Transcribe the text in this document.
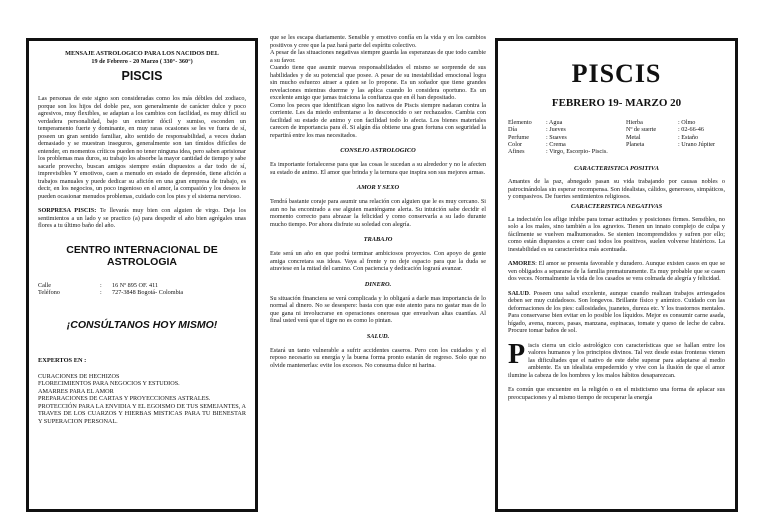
MENSAJE ASTROLOGICO PARA LOS NACIDOS DEL
19 de Febrero - 20 Marzo ( 330°- 360°)

PISCIS

Las personas de este signo son consideradas como los más débiles del zodiaco, porque son los hijos del doble pez, son generalmente de carácter dulce y poco agresivos, muy flexibles, se adaptan a los cambios con facilidad, es muy difícil su verdadera personalidad, bajo un exterior dócil y sumiso, esconden un temperamento fuerte y dominante, en muy raras ocasiones se les ve fuera de sí, poseen un gran sentido familiar, alto sentido de responsabilidad, a veces dudan demasiado y se muestran inseguros, generalmente son tan tímidos difíciles de entender, en momentos críticos pueden no tener ninguna idea, pero saben aprisionar los problemas mas duros, su trabajo los absorbe la mayor cantidad de tiempo y sabe sacarle provecho, buscan amigos siempre están dispuestos a dar todo de sí, imprevisibles Y emotivos, caen a menudo en estado de depresión, tiene afición a trabajos manuales y puede dedicar su afición en una gran empresa de trabajo, es decir, en los negocios, un poco ingenioso en el amor, la compasión y los deseos le pueden ocasionar menudos problemas, cuidado con los pies y el sistema nervioso.

SORPRESA PISCIS: Te llevarás muy bien con alguien de virgo. Deja los sentimientos a un lado y se practico (a) para despedir el año bien agrégales unas flores a tu último baño del año.

CENTRO INTERNACIONAL DE ASTROLOGIA
Calle	:	16 Nº 895 OF. 411
Teléfono	:	727-3848 Bogotá- Colombia
¡CONSÚLTANOS HOY MISMO!

EXPERTOS EN :

CURACIONES DE HECHIZOS

FLORECIMIENTOS PARA NEGOCIOS Y ESTUDIOS.

AMARRES PARA EL AMOR

PREPARACIONES DE CARTAS Y PROYECCIONES ASTRALES.

PROTECCIÓN PARA LA ENVIDIA Y EL EGOISMO DE TUS SEMEJANTES, A TRAVES DE LOS CUARZOS Y HIERBAS MISTICAS PARA TU BIENESTAR Y SUPERACION PERSONAL.

que se les escapa diariamente. Sensible y emotivo confía en la vida y en los cambios positivos y cree que la paz hará parte del espíritu colectivo.
A pesar de las situaciones negativas siempre guarda las esperanzas de que todo cambie a su favor.
Cuando tiene que asumir nuevas responsabilidades el mismo se sorprende de sus habilidades y de su potencial que posee. A pesar de su inestabilidad emocional logra sin mucho esfuerzo atraer a quien se lo propone. Es un soñador que tiene grandes revelaciones mientras duerme y las aplica cuando lo considera oportuno. Es un excelente amigo que jamas traiciona la confianza que en él han depositado.
Como los peces que identifican signo los nativos de Piscis siempre nadaran contra la corriente. Les da miedo enfrentarse a lo desconocido o ser rechazados. Cambia con facilidad su estado de animo y con facilidad todo lo afecta. Los bienes materiales carecen de importancia para él. Si algún día obtiene una gran fortuna con seguridad la repartirá entre los mas necesitados.

CONSEJO ASTROLOGICO

Es importante fortalecerse para que las cosas le sucedan a su alrededor y no le afecten su estado de animo. El amor que brinda y la ternura que inspira son sus mejores armas.

AMOR Y SEXO

Tendrá bastante coraje para asumir una relación con alguien que le es muy cercano. Si aun no ha encontrado a ese alguien manténgame alerta. Su intuición sabe decidir el momento correcto para abrazar la felicidad y como conservarla a su lado durante mucho tiempo. Por ahora disfrute su soledad con alegría.

TRABAJO

Este será un año en que podrá terminar ambiciosos proyectos. Con apoyo de gente amiga concretara sus ideas. Vaya al frente y no deje espacio para que la duda se atraviese en la mitad del camino. Con paciencia y dedicación logrará avanzar.

DINERO.

Su situación financiera se verá complicada y lo obligará a darle mas importancia de lo normal al dinero. No se desespere: basta con que este atento para no gastar mas de lo que gana ni involucrarse en operaciones onerosas que envuelvan altas cuantías. Al final usted verá que el tigre no es como lo pintan.

SALUD.

Estará un tanto vulnerable a sufrir accidentes caseros. Pero con los cuidados y el reposo necesario su energía y la buena forma pronto estarán de regreso. Solo que no olvide mantenerlas: evite los excesos. No consuma dulce ni harina.

PISCIS
FEBRERO 19- MARZO 20
Elemento	: Agua	Hierba	: Olmo
Día	: Jueves	Nº de suerte	: 02-66-46
Perfume	: Suaves	Metal	: Estaño
Color	: Crema	Planeta	: Urano Júpiter
Afines	: Virgo, Escorpio- Piscis.
CARACTERISTICA POSITIVA

Amantes de la paz, abnegado pasan su vida trabajando por causas nobles o patrocinándolas sin esperar recompensa. Son idealistas, cálidos, generosos, simpáticos, y compasivos. De fuertes sentimientos religiosos.

CARACTERISTICA NEGATIVAS

La indecisión los aflige inhibe para tomar actitudes y posiciones firmes. Sensibles, no solo a los males, sino también a los agravios. Tienen un innato complejo de culpa y fácilmente se vuelven malhumorados. Se sienten incomprendidos y sufren por ello; como están dispuestos a creer casi todos los positivos, suelen volverse histéricos. La inestabilidad es su característica más acentuada.

AMORES: El amor se presenta favorable y duradero. Aunque existen casos en que se ven obligados a separarse de la familia prematuramente. Es muy probable que se casen dos veces. Normalmente la vida de los casados se vera colmada de alegría y felicidad.

SALUD. Poseen una salud excelente, aunque cuando realizan trabajos arriesgados deben ser muy cuidadosos. Son longevos. Brillante físico y anímico. Cuidado con las deformaciones de los pies: callosidades, juanetes, dureza etc. Y los trastornos mentales. Para conservarse bien evitar en lo posible los líquidos. Mejor es consumir carne asada, hígado, avena, nueces, pasas, manzana, espinacas, tomate y queso de leche de cabra. Procure tomar baños de sol.

Piscis cierra un ciclo astrológico con características que se hallan entre los valores humanos y los principios divinos. Tal vez desde estas fronteras vienen las dificultades que el nativo de este debe superar para adaptarse al medio ambiente. Es un idealista empedernido y vive con la ilusión de que el amor ilumine la cabeza de los hombres y los malos hábitos desaparezcan.

Es común que encuentre en la religión o en el misticismo una forma de aplacar sus preocupaciones y al mismo tiempo de recuperar la energía
